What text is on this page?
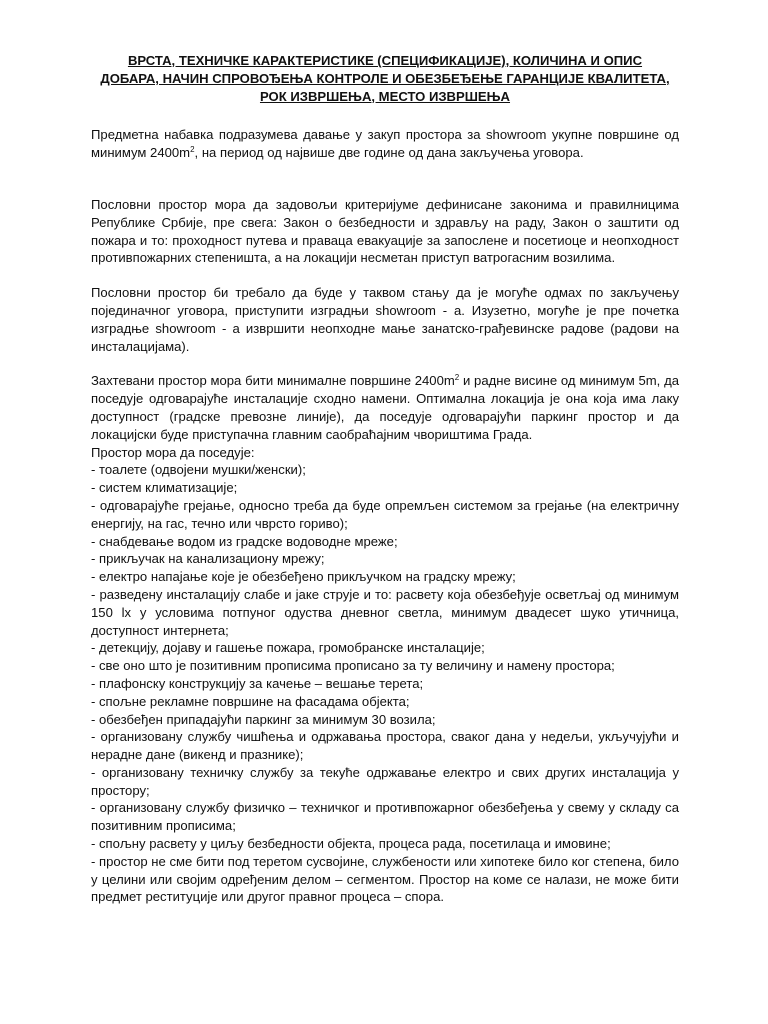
ВРСТА, ТЕХНИЧКЕ КАРАКТЕРИСТИКЕ (СПЕЦИФИКАЦИЈЕ), КОЛИЧИНА И ОПИС
ДОБАРА, НАЧИН СПРОВОЂЕЊА КОНТРОЛЕ И ОБЕЗБЕЂЕЊЕ ГАРАНЦИЈЕ КВАЛИТЕТА,
РОК ИЗВРШЕЊА, МЕСТО ИЗВРШЕЊА

Предметна набавка подразумева давање у закуп простора за showroom укупне површине од минимум $2400m^2$, на период од највише две године од дана закључења уговора.

Пословни простор мора да задовољи критеријуме дефинисане законима и правилницима Републике Србије, пре свега: Закон о безбедности и здрављу на раду, Закон о заштити од пожара и то: проходност путева и праваца евакуације за запослене и посетиоце и неопходност противпожарних степеништа, а на локацији несметан приступ ватрогасним возилима.

Пословни простор би требало да буде у таквом стању да је могуће одмах по закључењу појединачног уговора, приступити изградњи showroom - а. Изузетно, могуће је пре почетка изградње showroom - а извршити неопходне мање занатско-грађевинске радове (радови на инсталацијама).

Захтевани простор мора бити минималне површине $2400m^2$ и радне висине од минимум 5m, да поседује одговарајуће инсталације сходно намени. Оптимална локација је она која има лаку доступност (градске превозне линије), да поседује одговарајући паркинг простор и да локацијски буде приступачна главним саобраћајним чвориштима Града.

Простор мора да поседује:

- тоалете (одвојени мушки/женски);
- систем климатизације;
- одговарајуће грејање, односно треба да буде опремљен системом за грејање (на електричну енергију, на гас, течно или чврсто гориво);
- снабдевање водом из градске водоводне мреже;
- прикључак на канализациону мрежу;
- електро напајање које је обезбеђено прикључком на градску мрежу;
- разведену инсталацију слабе и јаке струје и то: расвету која обезбеђује осветљај од минимум 150 lx у условима потпуног одуства дневног светла, минимум двадесет шуко утичница, доступност интернета;
- детекцију, дојаву и гашење пожара, громобранске инсталације;
- све оно што је позитивним прописима прописано за ту величину и намену простора;
- плафонску конструкцију за качење – вешање терета;
- спољне рекламне површине на фасадама објекта;
- обезбеђен припадајући паркинг за минимум 30 возила;
- организовану службу чишћења и одржавања простора, сваког дана у недељи, укључујући и нерадне дане (викенд и празнике);
- организовану техничку службу за текуће одржавање електро и свих других инсталација у простору;
- организовану службу физичко – техничког и противпожарног обезбеђења у свему у складу са позитивним прописима;
- спољну расвету у циљу безбедности објекта, процеса рада, посетилаца и имовине;
- простор не сме бити под теретом сусвојине, службености или хипотеке било ког степена, било у целини или својим одређеним делом – сегментом. Простор на коме се налази, не може бити предмет реституције или другог правног процеса – спора.
